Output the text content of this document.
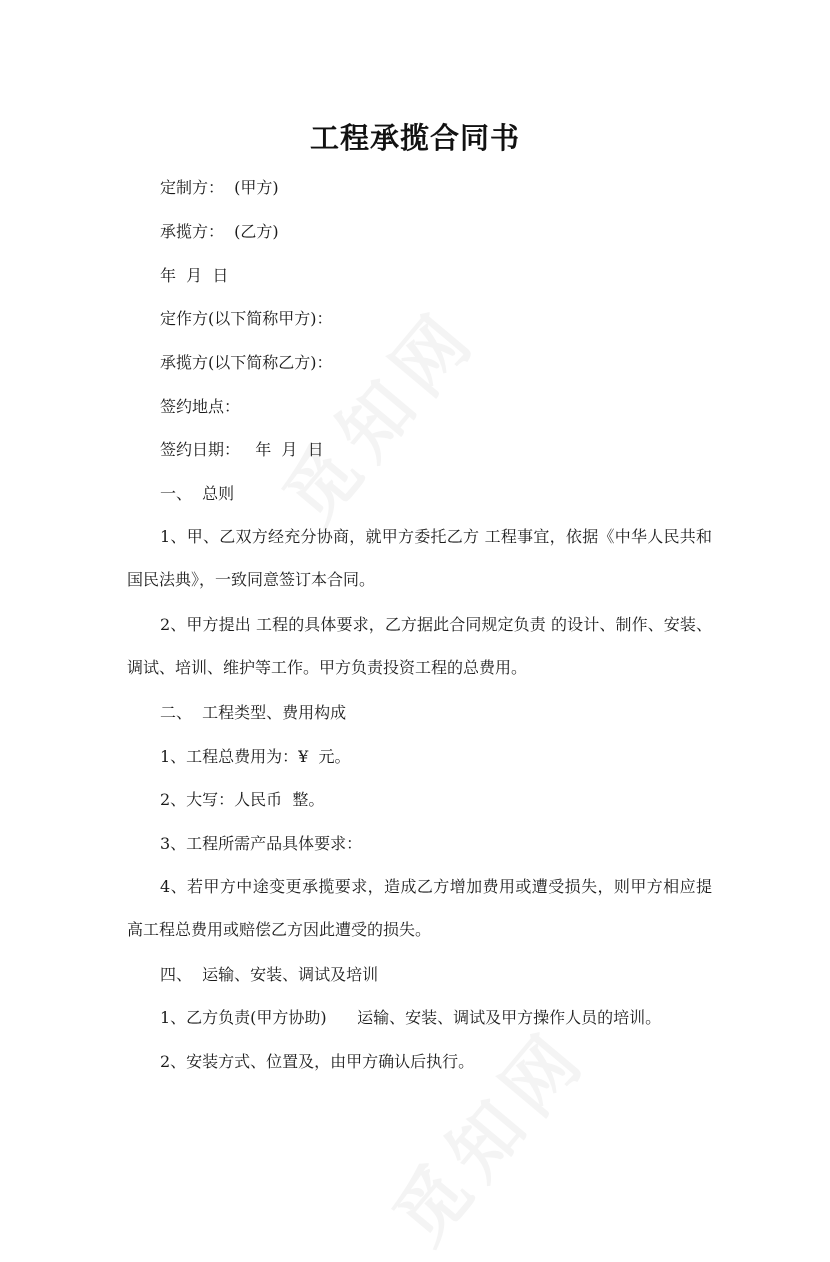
工程承揽合同书
定制方：  (甲方)
承揽方：  (乙方)
年  月  日
定作方(以下简称甲方)：
承揽方(以下简称乙方)：
签约地点：
签约日期：   年  月  日
一、  总则
1、甲、乙双方经充分协商，就甲方委托乙方 工程事宜，依据《中华人民共和国民法典》，一致同意签订本合同。
2、甲方提出 工程的具体要求，乙方据此合同规定负责 的设计、制作、安装、调试、培训、维护等工作。甲方负责投资工程的总费用。
二、  工程类型、费用构成
1、工程总费用为：¥  元。
2、大写：人民币  整。
3、工程所需产品具体要求：
4、若甲方中途变更承揽要求，造成乙方增加费用或遭受损失，则甲方相应提高工程总费用或赔偿乙方因此遭受的损失。
四、  运输、安装、调试及培训
1、乙方负责(甲方协助)      运输、安装、调试及甲方操作人员的培训。
2、安装方式、位置及，由甲方确认后执行。
